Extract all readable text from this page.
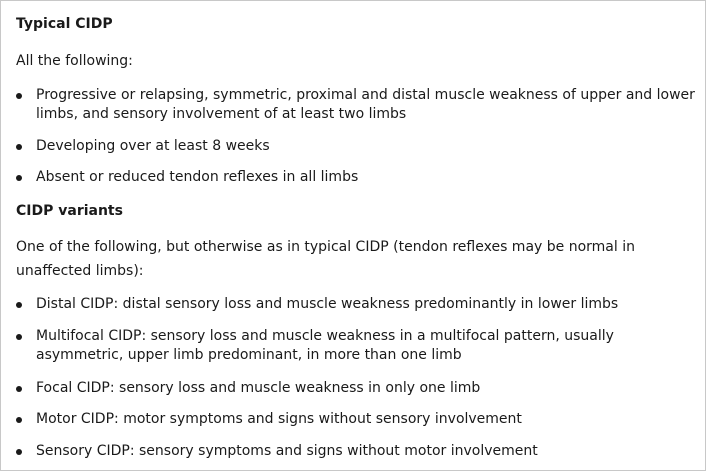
Typical CIDP
All the following:
Progressive or relapsing, symmetric, proximal and distal muscle weakness of upper and lower limbs, and sensory involvement of at least two limbs
Developing over at least 8 weeks
Absent or reduced tendon reflexes in all limbs
CIDP variants
One of the following, but otherwise as in typical CIDP (tendon reflexes may be normal in unaffected limbs):
Distal CIDP: distal sensory loss and muscle weakness predominantly in lower limbs
Multifocal CIDP: sensory loss and muscle weakness in a multifocal pattern, usually asymmetric, upper limb predominant, in more than one limb
Focal CIDP: sensory loss and muscle weakness in only one limb
Motor CIDP: motor symptoms and signs without sensory involvement
Sensory CIDP: sensory symptoms and signs without motor involvement
